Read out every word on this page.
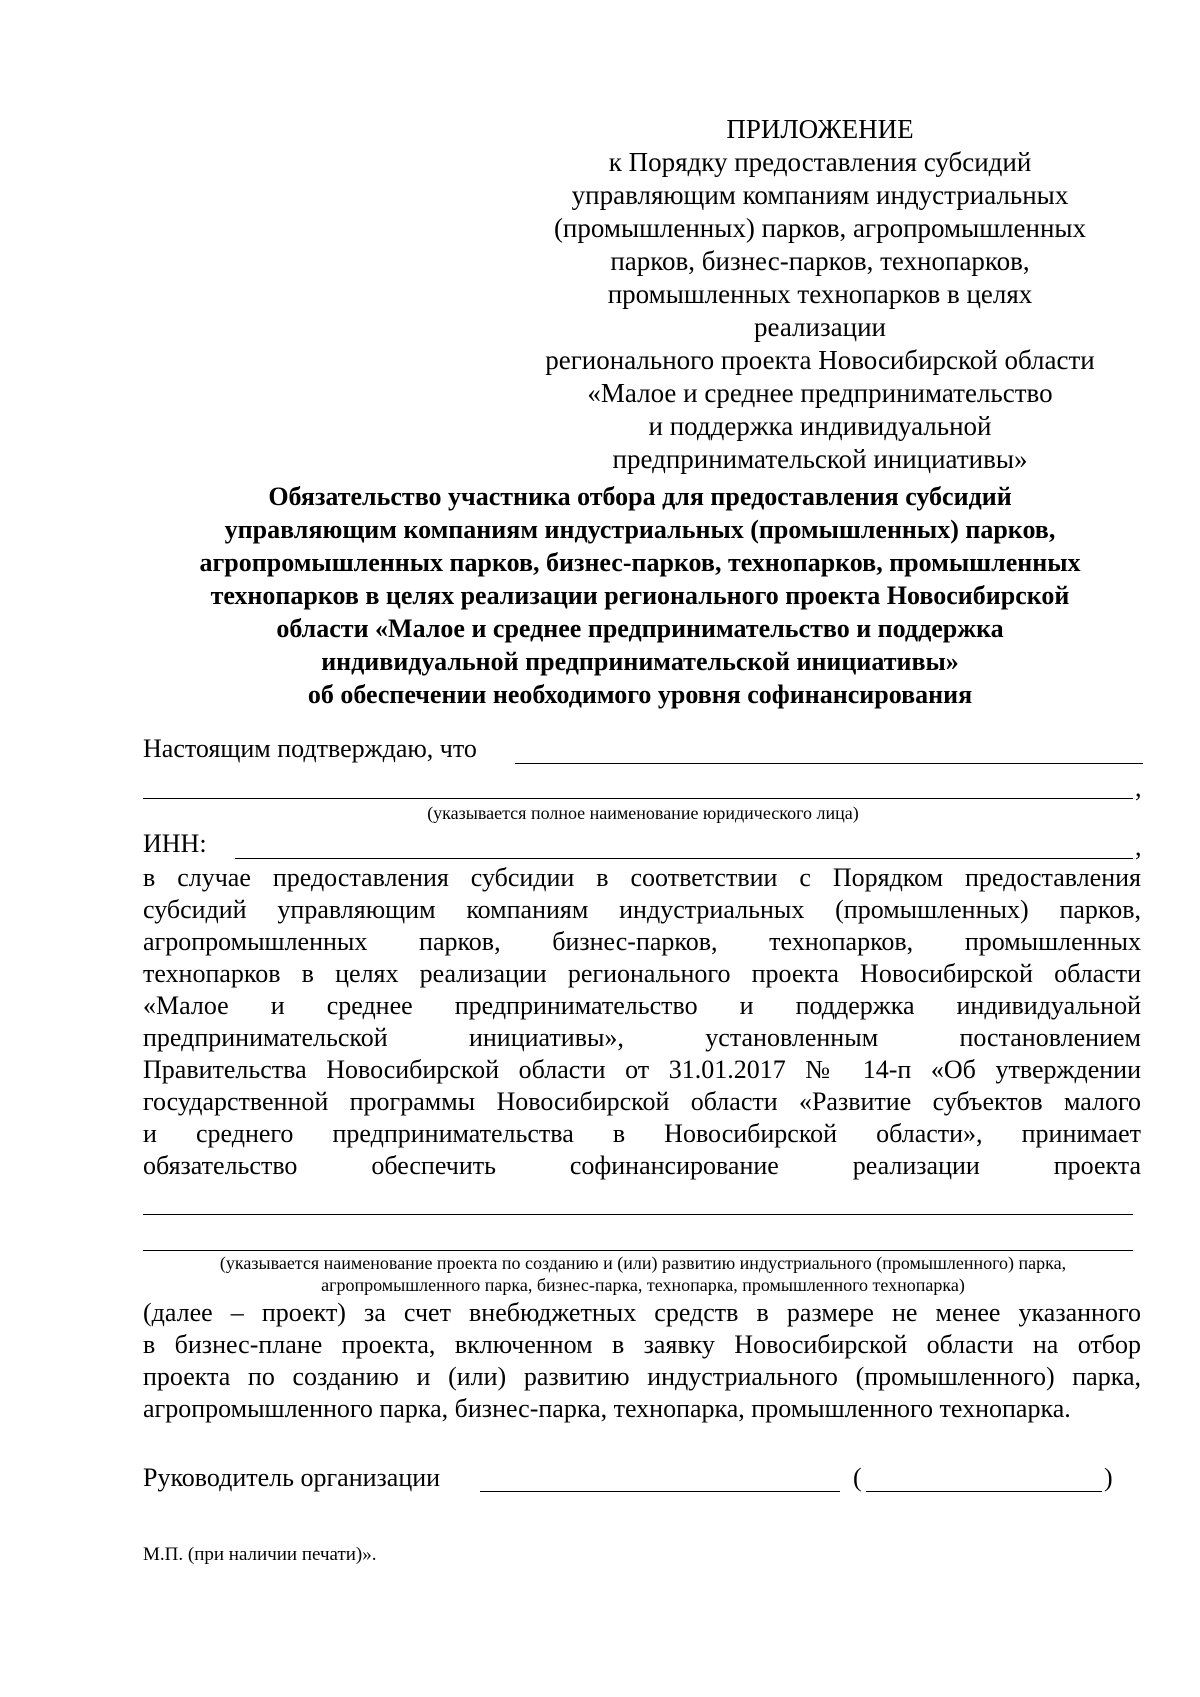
ПРИЛОЖЕНИЕ
к Порядку предоставления субсидий
управляющим компаниям индустриальных
(промышленных) парков, агропромышленных
парков, бизнес-парков, технопарков,
промышленных технопарков в целях реализации
регионального проекта Новосибирской области
«Малое и среднее предпринимательство
и поддержка индивидуальной
предпринимательской инициативы»
Обязательство участника отбора для предоставления субсидий
управляющим компаниям индустриальных (промышленных) парков,
агропромышленных парков, бизнес-парков, технопарков, промышленных
технопарков в целях реализации регионального проекта Новосибирской
области «Малое и среднее предпринимательство и поддержка
индивидуальной предпринимательской инициативы»
об обеспечении необходимого уровня софинансирования
Настоящим подтверждаю, что
,
(указывается полное наименование юридического лица)
ИНН:	,
в случае предоставления субсидии в соответствии с Порядком предоставления
субсидий управляющим компаниям индустриальных (промышленных) парков,
агропромышленных парков, бизнес-парков, технопарков, промышленных
технопарков в целях реализации регионального проекта Новосибирской области
«Малое и среднее предпринимательство и поддержка индивидуальной
предпринимательской инициативы», установленным постановлением
Правительства Новосибирской области от 31.01.2017 № 14-п «Об утверждении
государственной программы Новосибирской области «Развитие субъектов малого
и среднего предпринимательства в Новосибирской области», принимает
обязательство обеспечить софинансирование реализации проекта
(указывается наименование проекта по созданию и (или) развитию индустриального (промышленного) парка,
агропромышленного парка, бизнес-парка, технопарка, промышленного технопарка)
(далее – проект) за счет внебюджетных средств в размере не менее указанного
в бизнес-плане проекта, включенном в заявку Новосибирской области на отбор
проекта по созданию и (или) развитию индустриального (промышленного) парка,
агропромышленного парка, бизнес-парка, технопарка, промышленного технопарка.
Руководитель организации	(	)
М.П. (при наличии печати)».
